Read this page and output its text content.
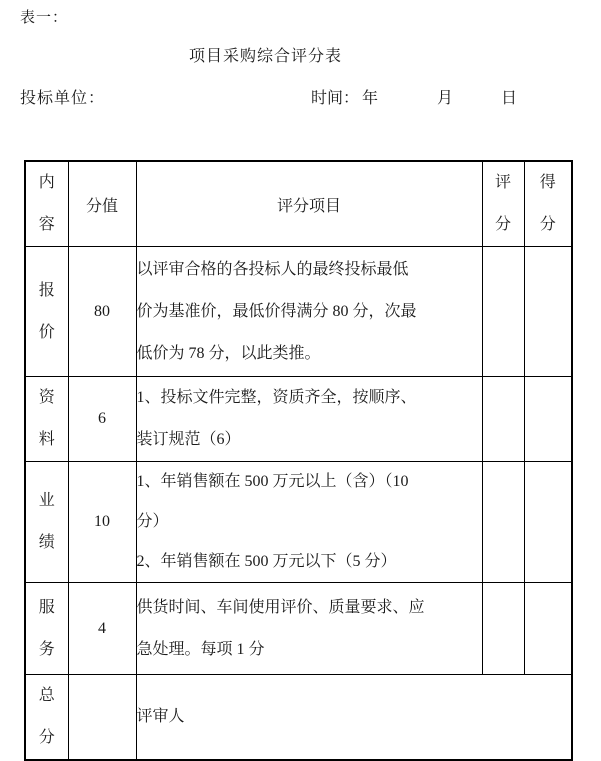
表一：
项目采购综合评分表
投标单位：	时间： 年	月	日
内容	分值	评分项目	评分	得分

报价	80	以评审合格的各投标人的最终投标最低
价为基准价，最低价得满分 80 分，次最
低价为 78 分，以此类推。		

资料	6	1、投标文件完整，资质齐全，按顺序、
装订规范（6）		

业绩	10	1、年销售额在 500 万元以上（含）（10
分）
2、年销售额在 500 万元以下（5 分）		

服务	4	供货时间、车间使用评价、质量要求、应
急处理。每项 1 分		

总分		评审人		
